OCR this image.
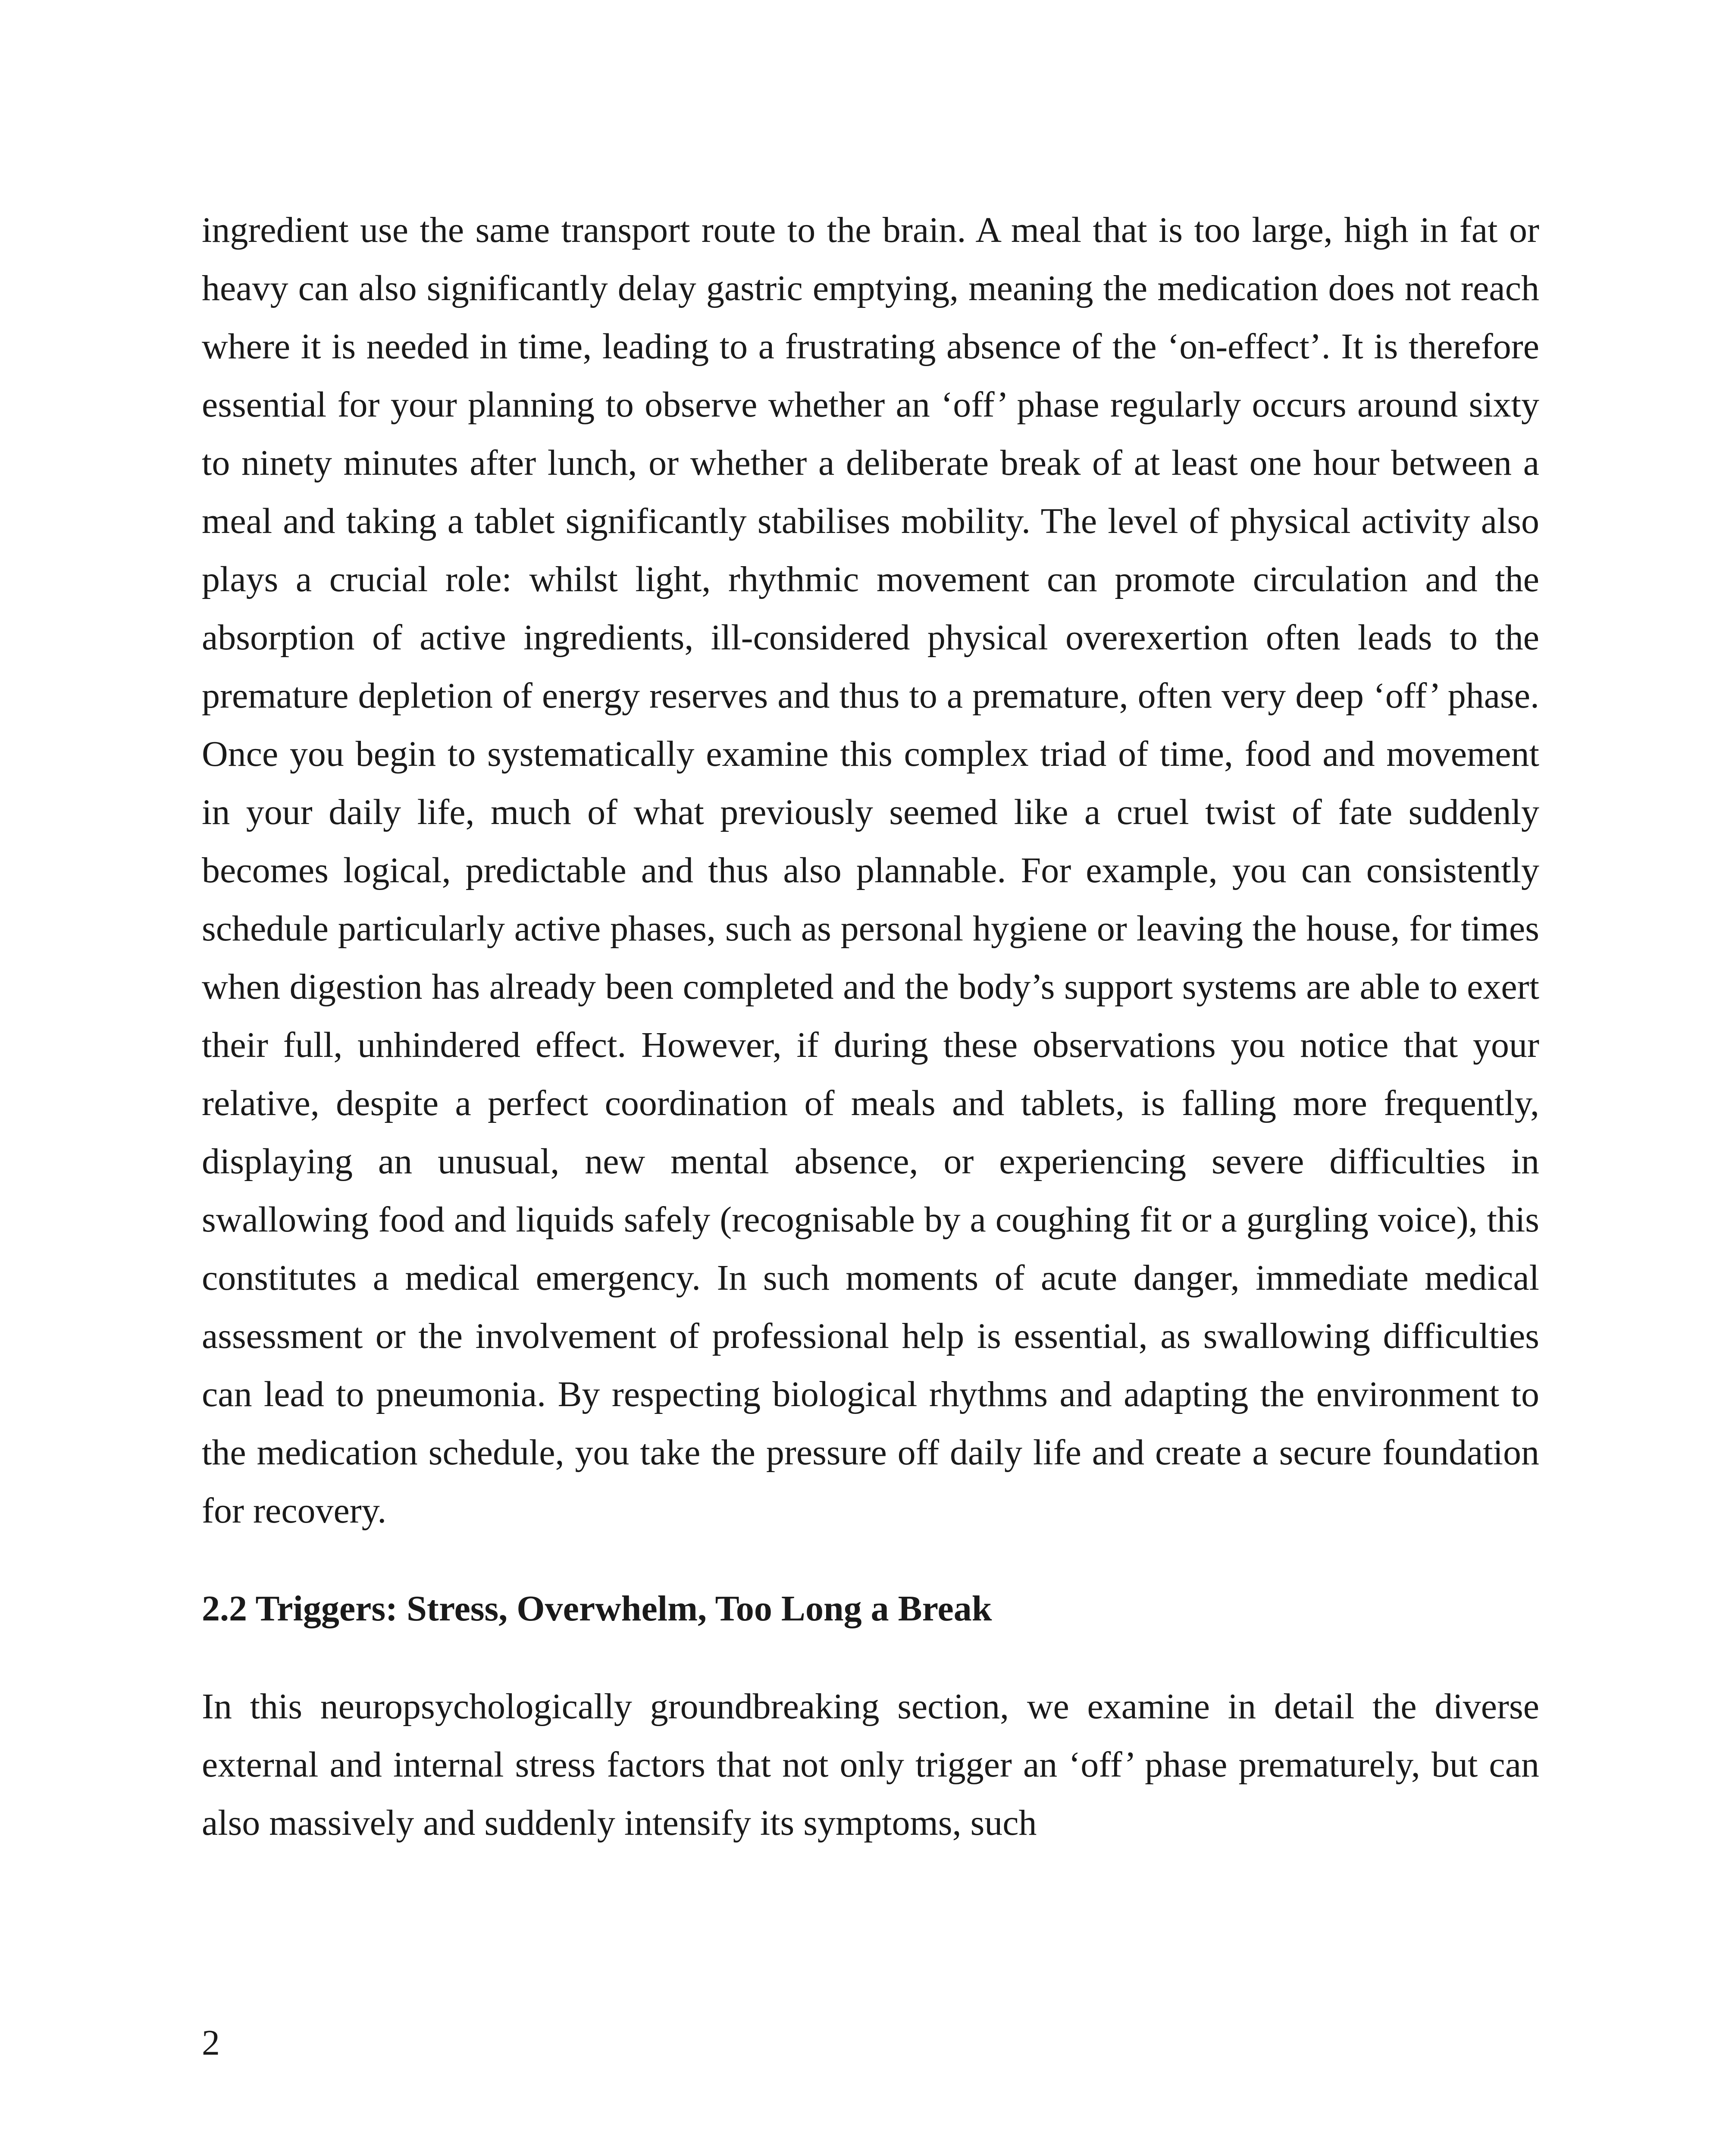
ingredient use the same transport route to the brain. A meal that is too large, high in fat or heavy can also significantly delay gastric emptying, meaning the medication does not reach where it is needed in time, leading to a frustrating absence of the ‘on-effect’. It is therefore essential for your planning to observe whether an ‘off’ phase regularly occurs around sixty to ninety minutes after lunch, or whether a deliberate break of at least one hour between a meal and taking a tablet significantly stabilises mobility. The level of physical activity also plays a crucial role: whilst light, rhythmic movement can promote circulation and the absorption of active ingredients, ill-considered physical overexertion often leads to the premature depletion of energy reserves and thus to a premature, often very deep ‘off’ phase. Once you begin to systematically examine this complex triad of time, food and movement in your daily life, much of what previously seemed like a cruel twist of fate suddenly becomes logical, predictable and thus also plannable. For example, you can consistently schedule particularly active phases, such as personal hygiene or leaving the house, for times when digestion has already been completed and the body’s support systems are able to exert their full, unhindered effect. However, if during these observations you notice that your relative, despite a perfect coordination of meals and tablets, is falling more frequently, displaying an unusual, new mental absence, or experiencing severe difficulties in swallowing food and liquids safely (recognisable by a coughing fit or a gurgling voice), this constitutes a medical emergency. In such moments of acute danger, immediate medical assessment or the involvement of professional help is essential, as swallowing difficulties can lead to pneumonia. By respecting biological rhythms and adapting the environment to the medication schedule, you take the pressure off daily life and create a secure foundation for recovery.

2.2 Triggers: Stress, Overwhelm, Too Long a Break

In this neuropsychologically groundbreaking section, we examine in detail the diverse external and internal stress factors that not only trigger an ‘off’ phase prematurely, but can also massively and suddenly intensify its symptoms, such

2
